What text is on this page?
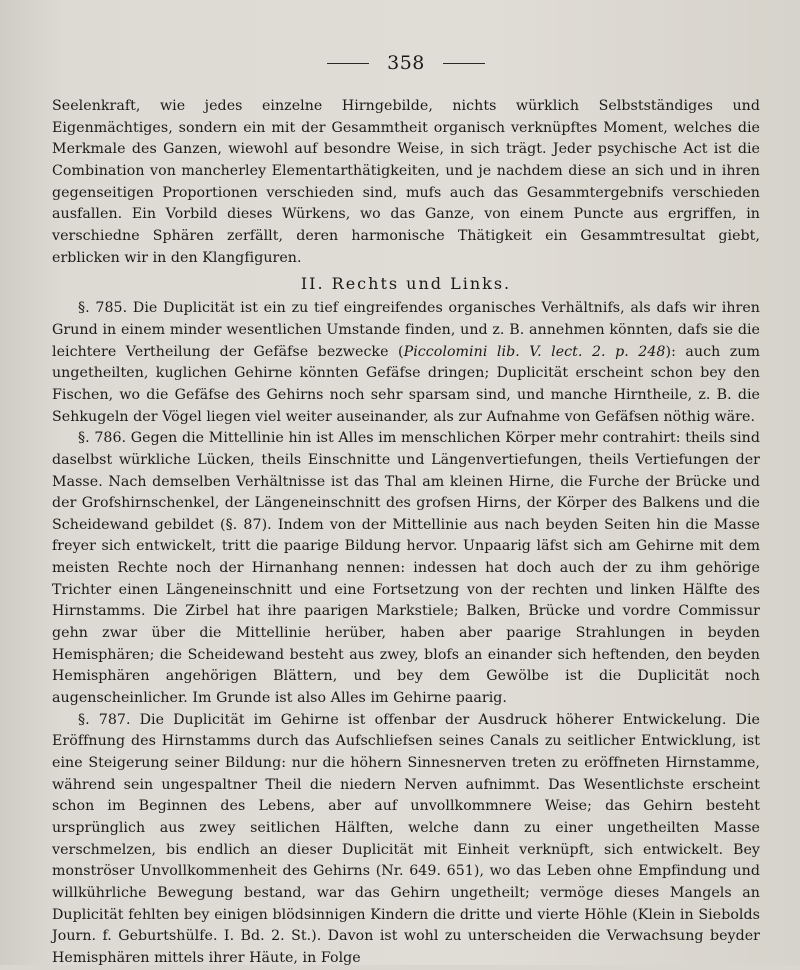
358

Seelenkraft, wie jedes einzelne Hirngebilde, nichts würklich Selbstständiges und Eigenmächtiges, sondern ein mit der Gesammtheit organisch verknüpftes Moment, welches die Merkmale des Ganzen, wiewohl auf besondre Weise, in sich trägt. Jeder psychische Act ist die Combination von mancherley Elementarthätigkeiten, und je nachdem diese an sich und in ihren gegenseitigen Proportionen verschieden sind, mufs auch das Gesammtergebnifs verschieden ausfallen. Ein Vorbild dieses Würkens, wo das Ganze, von einem Puncte aus ergriffen, in verschiedne Sphären zerfällt, deren harmonische Thätigkeit ein Gesammtresultat giebt, erblicken wir in den Klangfiguren.

II. Rechts und Links.

§. 785. Die Duplicität ist ein zu tief eingreifendes organisches Verhältnifs, als dafs wir ihren Grund in einem minder wesentlichen Umstande finden, und z. B. annehmen könnten, dafs sie die leichtere Vertheilung der Gefäfse bezwecke (Piccolomini lib. V. lect. 2. p. 248): auch zum ungetheilten, kuglichen Gehirne könnten Gefäfse dringen; Duplicität erscheint schon bey den Fischen, wo die Gefäfse des Gehirns noch sehr sparsam sind, und manche Hirntheile, z. B. die Sehkugeln der Vögel liegen viel weiter auseinander, als zur Aufnahme von Gefäfsen nöthig wäre.

§. 786. Gegen die Mittellinie hin ist Alles im menschlichen Körper mehr contrahirt: theils sind daselbst würkliche Lücken, theils Einschnitte und Längenvertiefungen, theils Vertiefungen der Masse. Nach demselben Verhältnisse ist das Thal am kleinen Hirne, die Furche der Brücke und der Grofshirnschenkel, der Längeneinschnitt des grofsen Hirns, der Körper des Balkens und die Scheidewand gebildet (§. 87). Indem von der Mittellinie aus nach beyden Seiten hin die Masse freyer sich entwickelt, tritt die paarige Bildung hervor. Unpaarig läfst sich am Gehirne mit dem meisten Rechte noch der Hirnanhang nennen: indessen hat doch auch der zu ihm gehörige Trichter einen Längeneinschnitt und eine Fortsetzung von der rechten und linken Hälfte des Hirnstamms. Die Zirbel hat ihre paarigen Markstiele; Balken, Brücke und vordre Commissur gehn zwar über die Mittellinie herüber, haben aber paarige Strahlungen in beyden Hemisphären; die Scheidewand besteht aus zwey, blofs an einander sich heftenden, den beyden Hemisphären angehörigen Blättern, und bey dem Gewölbe ist die Duplicität noch augenscheinlicher. Im Grunde ist also Alles im Gehirne paarig.

§. 787. Die Duplicität im Gehirne ist offenbar der Ausdruck höherer Entwickelung. Die Eröffnung des Hirnstamms durch das Aufschliefsen seines Canals zu seitlicher Entwicklung, ist eine Steigerung seiner Bildung: nur die höhern Sinnesnerven treten zu eröffneten Hirnstamme, während sein ungespaltner Theil die niedern Nerven aufnimmt. Das Wesentlichste erscheint schon im Beginnen des Lebens, aber auf unvollkommnere Weise; das Gehirn besteht ursprünglich aus zwey seitlichen Hälften, welche dann zu einer ungetheilten Masse verschmelzen, bis endlich an dieser Duplicität mit Einheit verknüpft, sich entwickelt. Bey monströser Unvollkommenheit des Gehirns (Nr. 649. 651), wo das Leben ohne Empfindung und willkührliche Bewegung bestand, war das Gehirn ungetheilt; vermöge dieses Mangels an Duplicität fehlten bey einigen blödsinnigen Kindern die dritte und vierte Höhle (Klein in Siebolds Journ. f. Geburtshülfe. I. Bd. 2. St.). Davon ist wohl zu unterscheiden die Verwachsung beyder Hemisphären mittels ihrer Häute, in Folge
